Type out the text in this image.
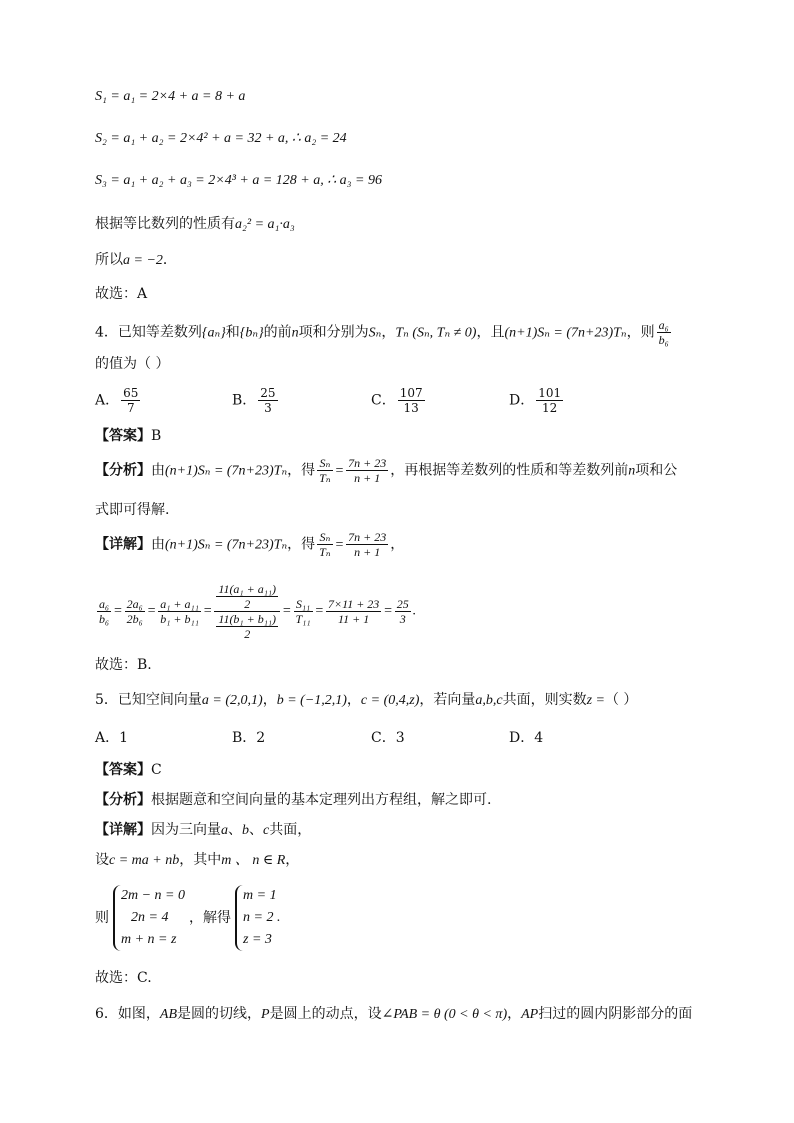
S₁ = a₁ = 2×4 + a = 8 + a
S₂ = a₁ + a₂ = 2×4² + a = 32 + a, ∴ a₂ = 24
S₃ = a₁ + a₂ + a₃ = 2×4³ + a = 128 + a, ∴ a₃ = 96
根据等比数列的性质有a₂² = a₁·a₃
所以a = −2．
故选：A
4．已知等差数列{aₙ}和{bₙ}的前n项和分别为Sₙ，Tₙ (Sₙ, Tₙ ≠ 0)，且(n+1)Sₙ = (7n+23)Tₙ，则 $\frac{\text{a₆}}{\text{b₆}}$
的值为（ ）
A． $\frac{65}{7}$	B． $\frac{25}{3}$	C． $\frac{107}{13}$	D． $\frac{101}{12}$
【答案】B
【分析】由(n+1)Sₙ = (7n+23)Tₙ，得 $\frac{\text{Sₙ}}{\text{Tₙ}} = \frac{7n + 23}{n + 1}$ ，再根据等差数列的性质和等差数列前n项和公
式即可得解.
【详解】由(n+1)Sₙ = (7n+23)Tₙ，得 $\frac{\text{Sₙ}}{\text{Tₙ}} = \frac{7n + 23}{n + 1}$ ，
$\frac{\text{a₆}}{\text{b₆}} = \frac{\text{2a₆}}{\text{2b₆}} = \frac{\text{a₁ + a₁₁}}{\text{b₁ + b₁₁}} = \frac{\frac{\text{11(a₁ + a₁₁)}}{2}}{\frac{\text{11(b₁ + b₁₁)}}{2}} = \frac{\text{S₁₁}}{\text{T₁₁}} = \frac{7\times 11 + 23}{11 + 1} = \frac{25}{3}$ .
故选：B.
5．已知空间向量a = (2,0,1)，b = (−1,2,1)，c = (0,4,z)，若向量a,b,c共面，则实数z =（ ）
A．1	B．2	C．3	D．4
【答案】C
【分析】根据题意和空间向量的基本定理列出方程组，解之即可.
【详解】因为三向量a、b、c共面，
设c = ma + nb，其中m 、 n ∈ R，
则
2m − n = 0
2n = 4
m + n = z
，解得
m = 1
n = 2 .
z = 3
故选：C.
6．如图，AB是圆的切线，P是圆上的动点，设∠PAB = θ (0 < θ < π)，AP扫过的圆内阴影部分的面
